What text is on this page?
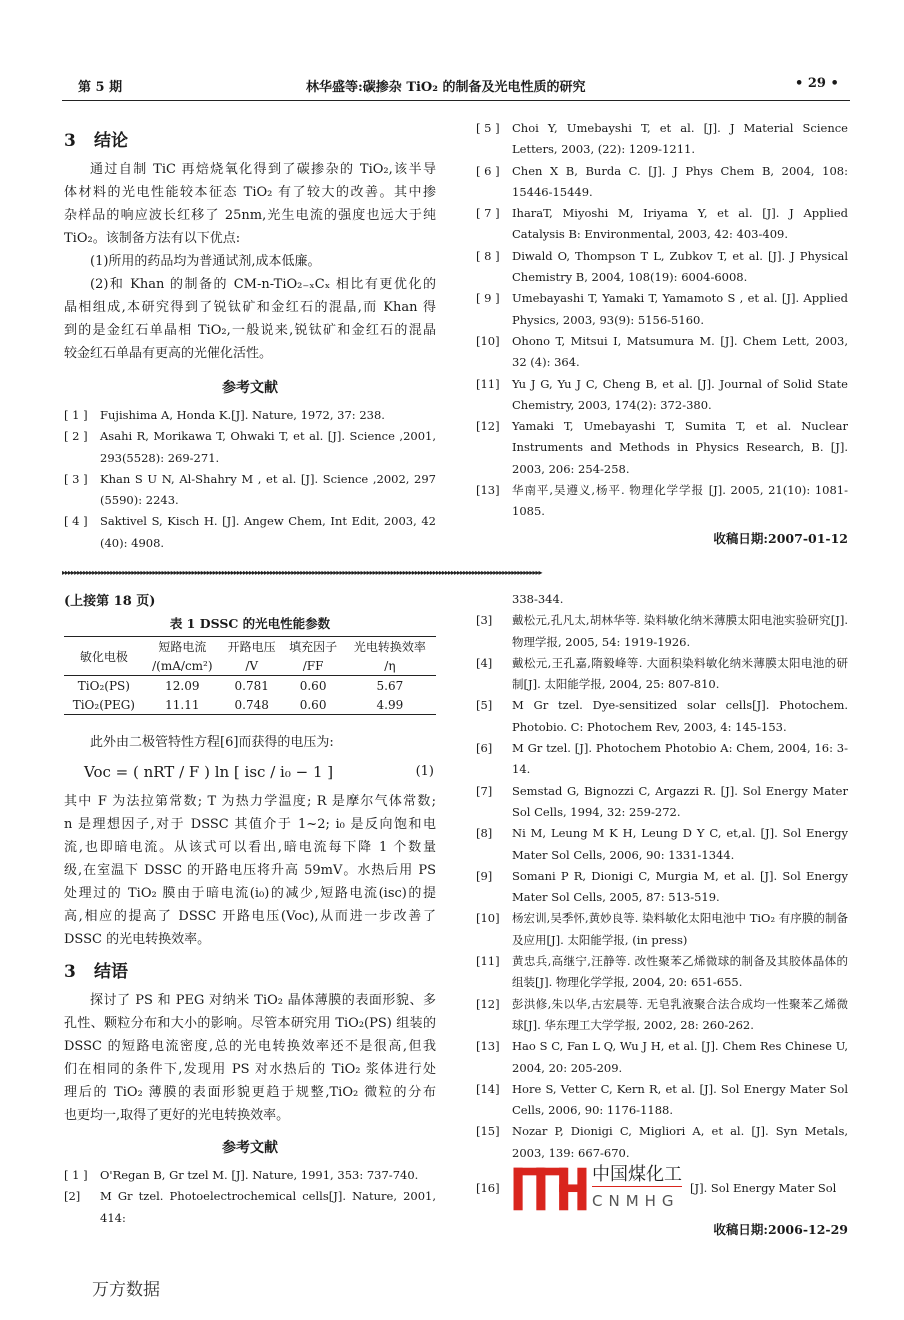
第 5 期	林华盛等:碳掺杂 TiO₂ 的制备及光电性质的研究	• 29 •
3 结论
通过自制 TiC 再焙烧氧化得到了碳掺杂的 TiO₂,该半导
体材料的光电性能较本征态 TiO₂ 有了较大的改善。其中掺
杂样品的响应波长红移了 25nm,光生电流的强度也远大于纯
TiO₂。该制备方法有以下优点:
(1)所用的药品均为普通试剂,成本低廉。
(2)和 Khan 的制备的 CM-n-TiO₂₋ₓCₓ 相比有更优化的
晶相组成,本研究得到了锐钛矿和金红石的混晶,而 Khan 得
到的是金红石单晶相 TiO₂,一般说来,锐钛矿和金红石的混晶
较金红石单晶有更高的光催化活性。
参考文献
[ 1 ]	Fujishima A, Honda K.[J]. Nature, 1972, 37: 238.
[ 2 ]	Asahi R, Morikawa T, Ohwaki T, et al. [J]. Science ,2001, 293(5528): 269-271.
[ 3 ]	Khan S U N, Al-Shahry M , et al. [J]. Science ,2002, 297 (5590): 2243.
[ 4 ]	Saktivel S, Kisch H. [J]. Angew Chem, Int Edit, 2003, 42 (40): 4908.
[ 5 ]	Choi Y, Umebayshi T, et al. [J]. J Material Science Letters, 2003, (22): 1209-1211.
[ 6 ]	Chen X B, Burda C. [J]. J Phys Chem B, 2004, 108: 15446-15449.
[ 7 ]	IharaT, Miyoshi M, Iriyama Y, et al. [J]. J Applied Catalysis B: Environmental, 2003, 42: 403-409.
[ 8 ]	Diwald O, Thompson T L, Zubkov T, et al. [J]. J Physical Chemistry B, 2004, 108(19): 6004-6008.
[ 9 ]	Umebayashi T, Yamaki T, Yamamoto S , et al. [J]. Applied Physics, 2003, 93(9): 5156-5160.
[10]	Ohono T, Mitsui I, Matsumura M. [J]. Chem Lett, 2003, 32 (4): 364.
[11]	Yu J G, Yu J C, Cheng B, et al. [J]. Journal of Solid State Chemistry, 2003, 174(2): 372-380.
[12]	Yamaki T, Umebayashi T, Sumita T, et al. Nuclear Instruments and Methods in Physics Research, B. [J]. 2003, 206: 254-258.
[13]	华南平,吴遵义,杨平. 物理化学学报 [J]. 2005, 21(10): 1081-1085.
收稿日期:2007-01-12
▸▸▸▸▸▸▸▸▸▸▸▸▸▸▸▸▸▸▸▸▸▸▸▸▸▸▸▸▸▸▸▸▸▸▸▸▸▸▸▸▸▸▸▸▸▸▸▸▸▸▸▸▸▸▸▸▸▸▸▸▸▸▸▸▸▸▸▸▸▸▸▸▸▸▸▸▸▸▸▸▸▸▸▸▸▸▸▸▸▸▸▸▸▸▸▸▸▸▸▸▸▸▸▸▸▸▸▸▸▸▸▸▸▸▸▸▸▸▸▸▸▸▸▸▸▸▸▸▸▸▸▸▸▸▸▸▸▸▸▸▸▸▸▸▸▸▸▸▸▸▸▸▸▸▸▸▸▸▸
(上接第 18 页)
表 1 DSSC 的光电性能参数
敏化电极	短路电流	开路电压	填充因子	光电转换效率
	/(mA/cm²)	/V	/FF	/η
TiO₂(PS)	12.09	0.781	0.60	5.67
TiO₂(PEG)	11.11	0.748	0.60	4.99
此外由二极管特性方程[6]而获得的电压为:
Voc = ( nRT / F ) ln [ isc / i₀ − 1 ]	(1)
其中 F 为法拉第常数; T 为热力学温度; R 是摩尔气体常数;
n 是理想因子,对于 DSSC 其值介于 1~2; i₀ 是反向饱和电
流,也即暗电流。从该式可以看出,暗电流每下降 1 个数量
级,在室温下 DSSC 的开路电压将升高 59mV。水热后用 PS
处理过的 TiO₂ 膜由于暗电流(i₀)的减少,短路电流(isc)的提
高,相应的提高了 DSSC 开路电压(Voc),从而进一步改善了
DSSC 的光电转换效率。
3 结语
探讨了 PS 和 PEG 对纳米 TiO₂ 晶体薄膜的表面形貌、多
孔性、颗粒分布和大小的影响。尽管本研究用 TiO₂(PS) 组装的
DSSC 的短路电流密度,总的光电转换效率还不是很高,但我
们在相同的条件下,发现用 PS 对水热后的 TiO₂ 浆体进行处
理后的 TiO₂ 薄膜的表面形貌更趋于规整,TiO₂ 微粒的分布
也更均一,取得了更好的光电转换效率。
参考文献
[ 1 ]	O'Regan B, Gr tzel M. [J]. Nature, 1991, 353: 737-740.
[2]	M Gr tzel. Photoelectrochemical cells[J]. Nature, 2001, 414:
338-344.
[3]	戴松元,孔凡太,胡林华等. 染料敏化纳米薄膜太阳电池实验研究[J]. 物理学报, 2005, 54: 1919-1926.
[4]	戴松元,王孔嘉,隋毅峰等. 大面积染料敏化纳米薄膜太阳电池的研制[J]. 太阳能学报, 2004, 25: 807-810.
[5]	M Gr tzel. Dye-sensitized solar cells[J]. Photochem. Photobio. C: Photochem Rev, 2003, 4: 145-153.
[6]	M Gr tzel. [J]. Photochem Photobio A: Chem, 2004, 16: 3-14.
[7]	Semstad G, Bignozzi C, Argazzi R. [J]. Sol Energy Mater Sol Cells, 1994, 32: 259-272.
[8]	Ni M, Leung M K H, Leung D Y C, et,al. [J]. Sol Energy Mater Sol Cells, 2006, 90: 1331-1344.
[9]	Somani P R, Dionigi C, Murgia M, et al. [J]. Sol Energy Mater Sol Cells, 2005, 87: 513-519.
[10]	杨宏训,吴季怀,黄妙良等. 染料敏化太阳电池中 TiO₂ 有序膜的制备及应用[J]. 太阳能学报, (in press)
[11]	黄忠兵,高继宁,汪静等. 改性聚苯乙烯微球的制备及其胶体晶体的组装[J]. 物理化学学报, 2004, 20: 651-655.
[12]	彭洪修,朱以华,古宏晨等. 无皂乳液聚合法合成均一性聚苯乙烯微球[J]. 华东理工大学学报, 2002, 28: 260-262.
[13]	Hao S C, Fan L Q, Wu J H, et al. [J]. Chem Res Chinese U, 2004, 20: 205-209.
[14]	Hore S, Vetter C, Kern R, et al. [J]. Sol Energy Mater Sol Cells, 2006, 90: 1176-1188.
[15]	Nozar P, Dionigi C, Migliori A, et al. [J]. Syn Metals, 2003, 139: 667-670.
[16]
中国煤化工
CNMHG
[J]. Sol Energy Mater Sol
收稿日期:2006-12-29
万方数据
